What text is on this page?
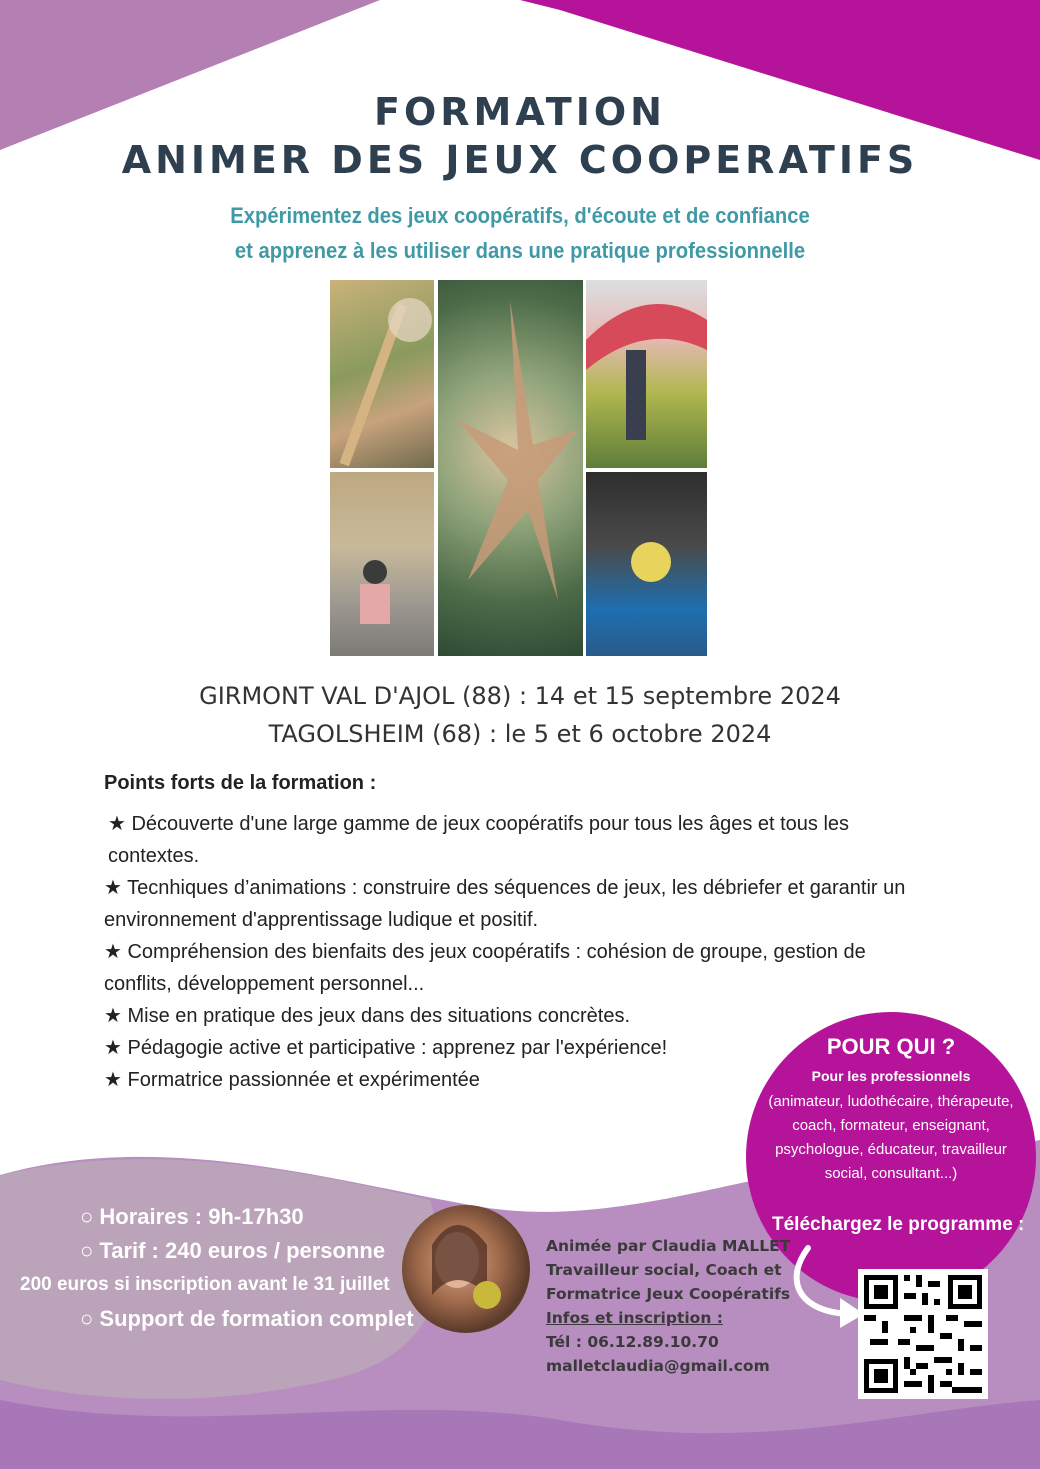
FORMATION
ANIMER DES JEUX COOPERATIFS
Expérimentez des jeux coopératifs, d'écoute et de confiance
et apprenez à les utiliser dans une pratique professionnelle
GIRMONT VAL D'AJOL (88) : 14 et 15 septembre 2024
TAGOLSHEIM (68) : le 5 et 6 octobre 2024
Points forts de la formation :

★ Découverte d'une large gamme de jeux coopératifs pour tous les âges et tous les contextes.

★ Tecnhiques d’animations : construire des séquences de jeux, les débriefer et garantir un environnement d'apprentissage ludique et positif.

★ Compréhension des bienfaits des jeux coopératifs : cohésion de groupe, gestion de conflits, développement personnel...

★ Mise en pratique des jeux dans des situations concrètes.

★ Pédagogie active et participative : apprenez par l'expérience!

★ Formatrice passionnée et expérimentée

POUR QUI ?
Pour les professionnels
(animateur, ludothécaire, thérapeute, coach, formateur, enseignant, psychologue, éducateur, travailleur social, consultant...)
○ Horaires : 9h-17h30
○ Tarif : 240 euros / personne
200 euros si inscription avant le 31 juillet
○ Support de formation complet
Animée par Claudia MALLET
Travailleur social, Coach et
Formatrice Jeux Coopératifs
Infos et inscription :
Tél : 06.12.89.10.70
malletclaudia@gmail.com
Téléchargez le programme :
